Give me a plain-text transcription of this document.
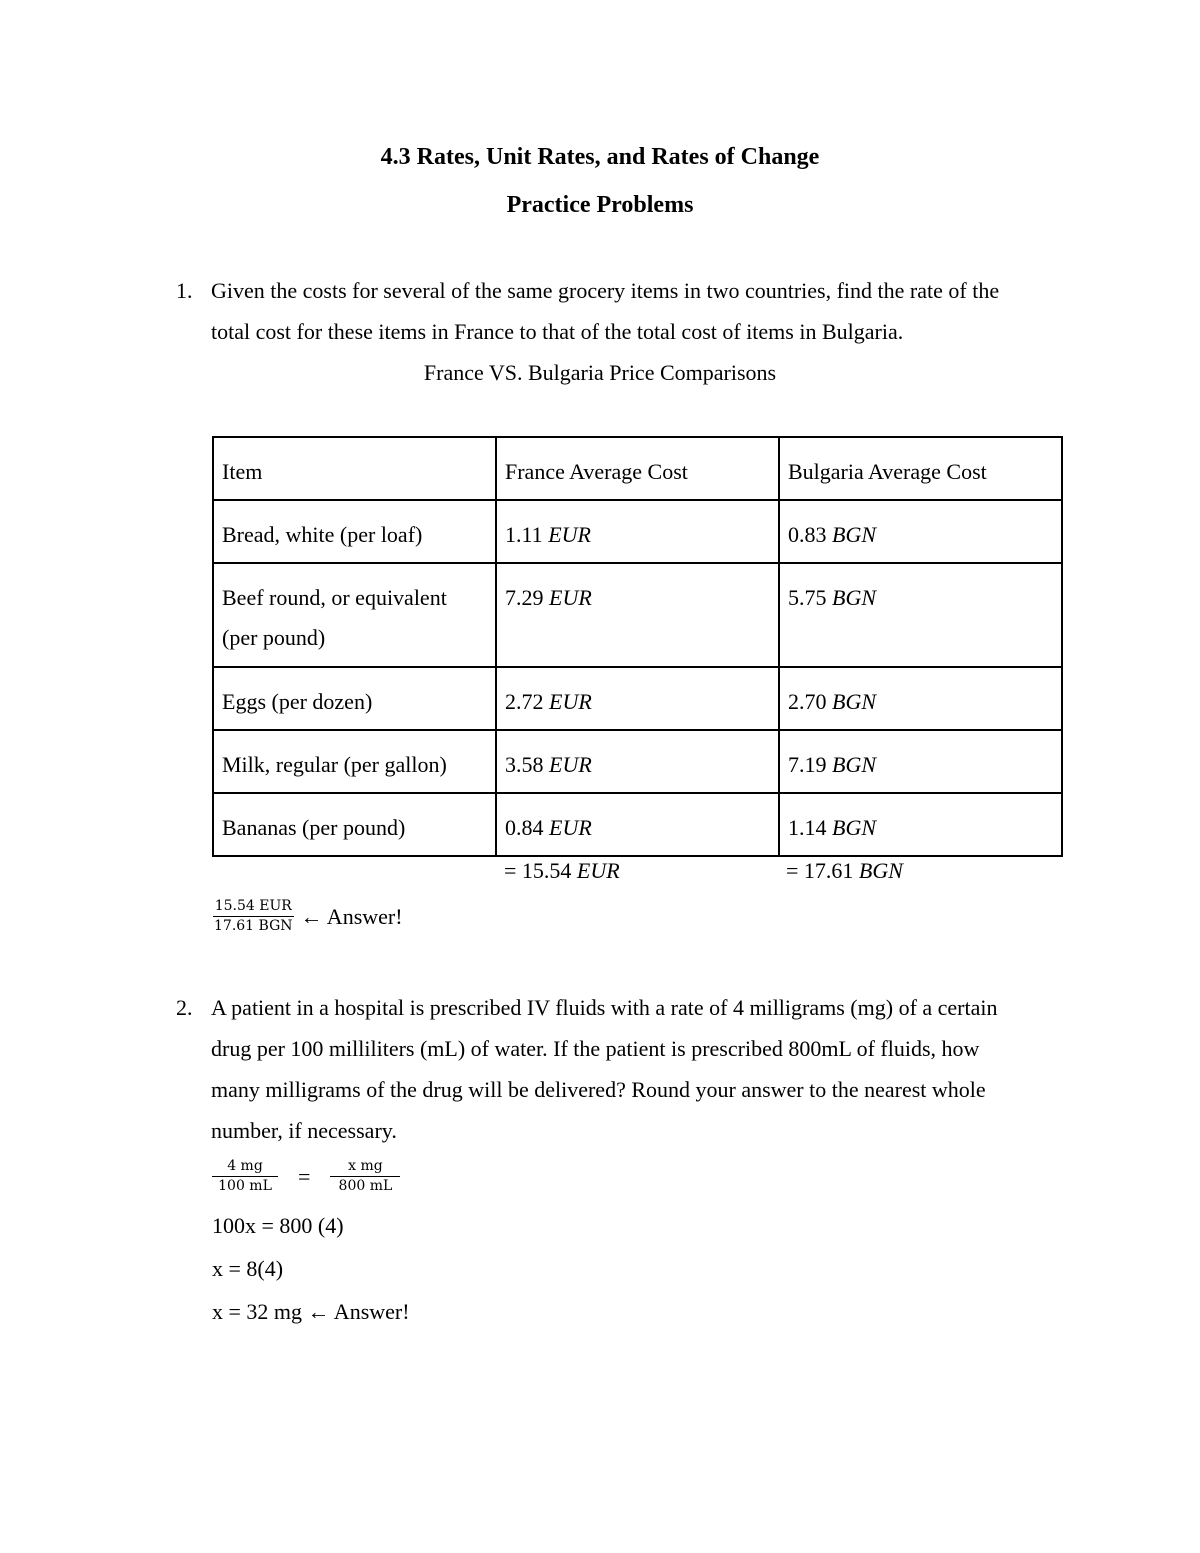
4.3 Rates, Unit Rates, and Rates of Change
Practice Problems
1. Given the costs for several of the same grocery items in two countries, find the rate of the
total cost for these items in France to that of the total cost of items in Bulgaria.
France VS. Bulgaria Price Comparisons
Item	France Average Cost	Bulgaria Average Cost
Bread, white (per loaf)	1.11 EUR	0.83 BGN

Beef round, or equivalent
(per pound)	7.29 EUR	5.75 BGN
Eggs (per dozen)	2.72 EUR	2.70 BGN
Milk, regular (per gallon)	3.58 EUR	7.19 BGN
Bananas (per pound)	0.84 EUR	1.14 BGN
= 15.54 EUR	= 17.61 BGN
$\frac{\text{15.54 EUR}}{\text{17.61 BGN}}$ ← Answer!
2. A patient in a hospital is prescribed IV fluids with a rate of 4 milligrams (mg) of a certain
drug per 100 milliliters (mL) of water. If the patient is prescribed 800mL of fluids, how
many milligrams of the drug will be delivered? Round your answer to the nearest whole
number, if necessary.
$\frac{4 mg}{100 mL} = \frac{\text{x mg}}{800 mL}$
100x = 800 (4)
x = 8(4)
x = 32 mg ← Answer!
